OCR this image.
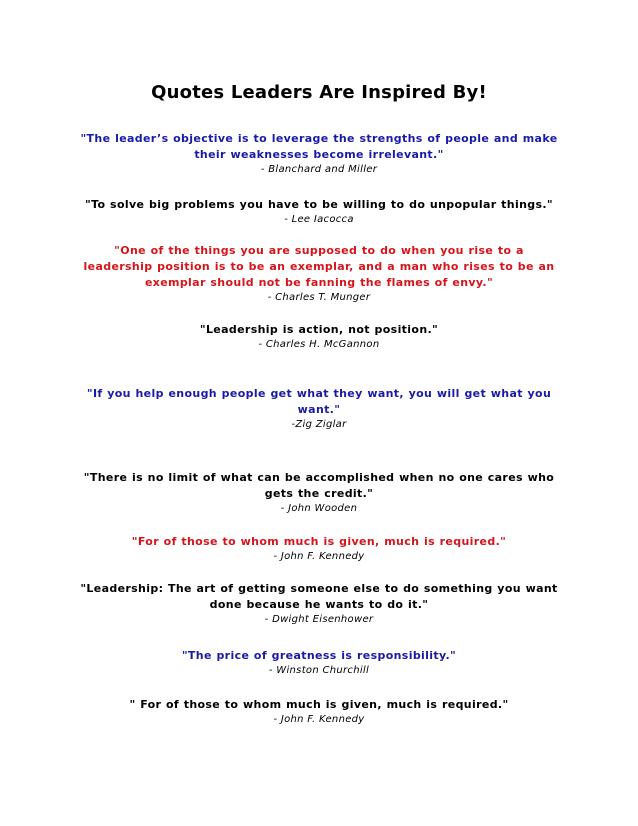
Quotes Leaders Are Inspired By!
"The leader’s objective is to leverage the strengths of people and make their weaknesses become irrelevant."
- Blanchard and Miller
"To solve big problems you have to be willing to do unpopular things."
- Lee Iacocca
"One of the things you are supposed to do when you rise to a leadership position is to be an exemplar, and a man who rises to be an exemplar should not be fanning the flames of envy."
- Charles T. Munger
"Leadership is action, not position."
- Charles H. McGannon
"If you help enough people get what they want, you will get what you want."
-Zig Ziglar
"There is no limit of what can be accomplished when no one cares who gets the credit."
- John Wooden
"For of those to whom much is given, much is required."
- John F. Kennedy
"Leadership: The art of getting someone else to do something you want done because he wants to do it."
- Dwight Eisenhower
"The price of greatness is responsibility."
- Winston Churchill
" For of those to whom much is given, much is required."
- John F. Kennedy
